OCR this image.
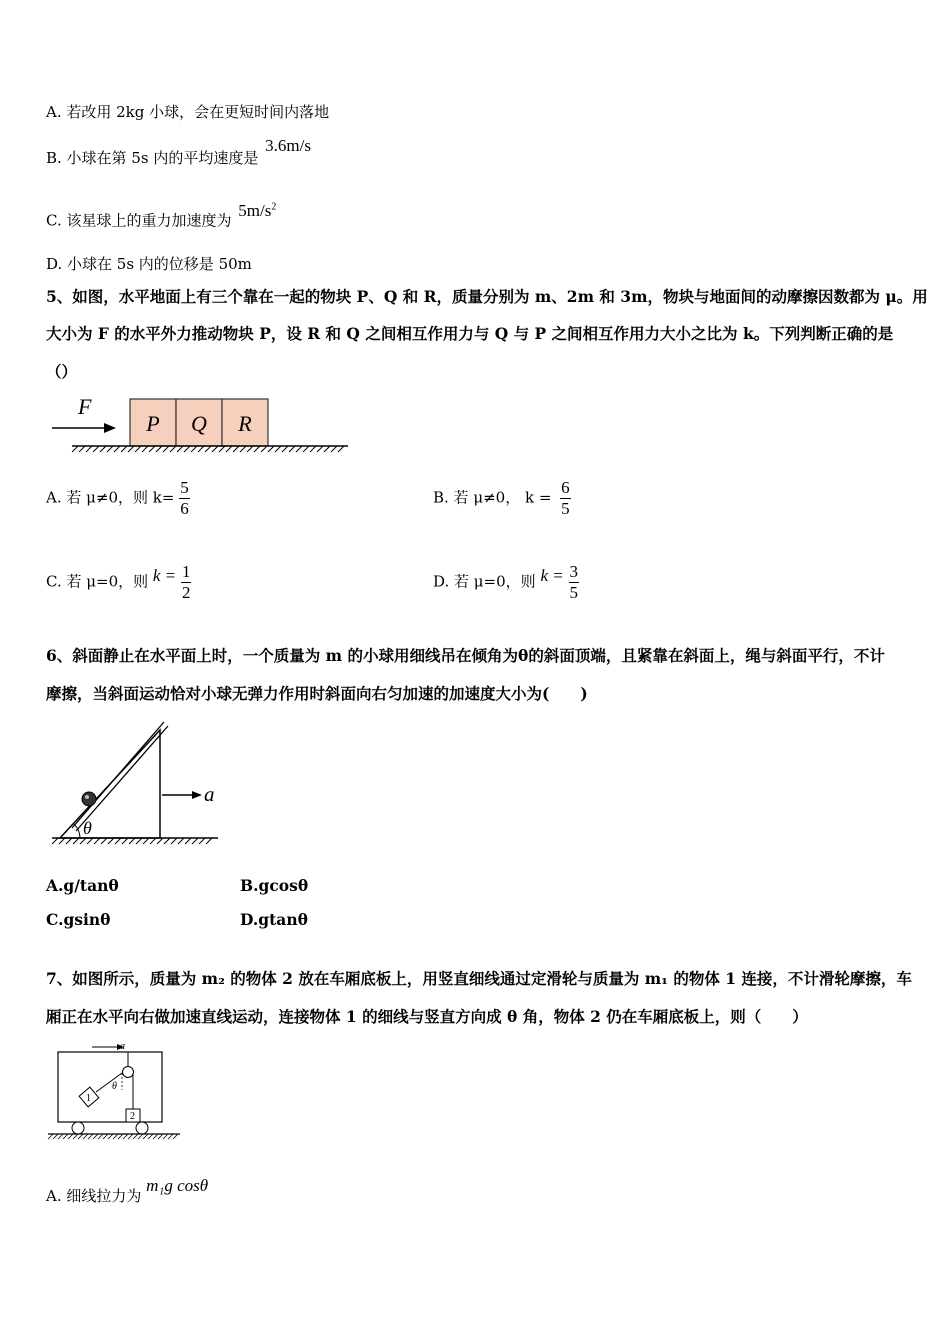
A. 若改用 2kg 小球，会在更短时间内落地
B. 小球在第 5s 内的平均速度是 3.6m/s
C. 该星球上的重力加速度为 $5m/s^2$
D. 小球在 5s 内的位移是 50m
5、如图，水平地面上有三个靠在一起的物块 P、Q 和 R，质量分别为 m、2m 和 3m，物块与地面间的动摩擦因数都为 μ。用
大小为 F 的水平外力推动物块 P，设 R 和 Q 之间相互作用力与 Q 与 P 之间相互作用力大小之比为 k。下列判断正确的是
（）
F
P Q R
A. 若 μ≠0，则 $k= \frac{5}{6}$	B. 若 μ≠0， $k = \frac{6}{5}$
C. 若 μ=0，则 $k = \frac{1}{2}$	D. 若 μ=0，则 $k = \frac{3}{5}$
6、斜面静止在水平面上时，一个质量为 m 的小球用细线吊在倾角为θ的斜面顶端，且紧靠在斜面上，绳与斜面平行，不计
摩擦，当斜面运动恰对小球无弹力作用时斜面向右匀加速的加速度大小为(　　)
a
θ
A.g/tanθ	B.gcosθ
C.gsinθ	D.gtanθ
7、如图所示，质量为 m₂ 的物体 2 放在车厢底板上，用竖直细线通过定滑轮与质量为 m₁ 的物体 1 连接，不计滑轮摩擦，车
厢正在水平向右做加速直线运动，连接物体 1 的细线与竖直方向成 θ 角，物体 2 仍在车厢底板上，则（　　）
a
θ
1
2
A. 细线拉力为 m₁g cosθ
